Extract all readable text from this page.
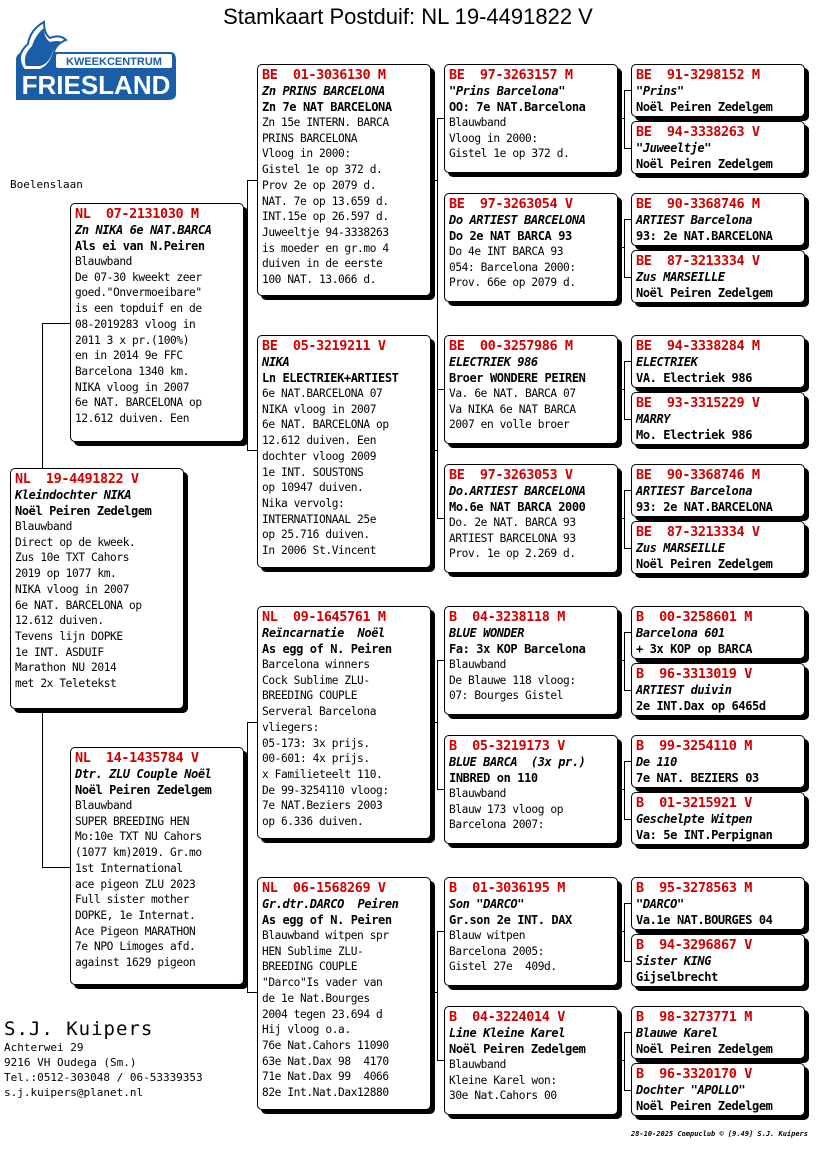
Stamkaart Postduif: NL 19-4491822 V
KWEEKCENTRUM
FRIESLAND
Boelenslaan
NL  19-4491822 V
Kleindochter NIKA
Noël Peiren Zedelgem
Blauwband
Direct op de kweek.
Zus 10e TXT Cahors
2019 op 1077 km.
NIKA vloog in 2007
6e NAT. BARCELONA op
12.612 duiven.
Tevens lijn DOPKE
1e INT. ASDUIF
Marathon NU 2014
met 2x Teletekst
NL  07-2131030 M
Zn NIKA 6e NAT.BARCA
Als ei van N.Peiren
Blauwband
De 07-30 kweekt zeer
goed."Onvermoeibare"
is een topduif en de
08-2019283 vloog in
2011 3 x pr.(100%)
en in 2014 9e FFC
Barcelona 1340 km.
NIKA vloog in 2007
6e NAT. BARCELONA op
12.612 duiven. Een
NL  14-1435784 V
Dtr. ZLU Couple Noël
Noël Peiren Zedelgem
Blauwband
SUPER BREEDING HEN
Mo:10e TXT NU Cahors
(1077 km)2019. Gr.mo
1st International
ace pigeon ZLU 2023
Full sister mother
DOPKE, 1e Internat.
Ace Pigeon MARATHON
7e NPO Limoges afd.
against 1629 pigeon
BE  01-3036130 M
Zn PRINS BARCELONA
Zn 7e NAT BARCELONA
Zn 15e INTERN. BARCA
PRINS BARCELONA
Vloog in 2000:
Gistel 1e op 372 d.
Prov 2e op 2079 d.
NAT. 7e op 13.659 d.
INT.15e op 26.597 d.
Juweeltje 94-3338263
is moeder en gr.mo 4
duiven in de eerste
100 NAT. 13.066 d.
BE  05-3219211 V
NIKA
Ln ELECTRIEK+ARTIEST
6e NAT.BARCELONA 07
NIKA vloog in 2007
6e NAT. BARCELONA op
12.612 duiven. Een
dochter vloog 2009
1e INT. SOUSTONS
op 10947 duiven.
Nika vervolg:
INTERNATIONAAL 25e
op 25.716 duiven.
In 2006 St.Vincent
NL  09-1645761 M
Reïncarnatie  Noël
As egg of N. Peiren
Barcelona winners
Cock Sublime ZLU-
BREEDING COUPLE
Serveral Barcelona
vliegers:
05-173: 3x prijs.
00-601: 4x prijs.
x Familieteelt 110.
De 99-3254110 vloog:
7e NAT.Beziers 2003
op 6.336 duiven.
NL  06-1568269 V
Gr.dtr.DARCO  Peiren
As egg of N. Peiren
Blauwband witpen spr
HEN Sublime ZLU-
BREEDING COUPLE
"Darco"Is vader van
de 1e Nat.Bourges
2004 tegen 23.694 d
Hij vloog o.a.
76e Nat.Cahors 11090
63e Nat.Dax 98  4170
71e Nat.Dax 99  4066
82e Int.Nat.Dax12880
BE  97-3263157 M
"Prins Barcelona"
OO: 7e NAT.Barcelona
Blauwband
Vloog in 2000:
Gistel 1e op 372 d.
BE  97-3263054 V
Do ARTIEST BARCELONA
Do 2e NAT BARCA 93
Do 4e INT BARCA 93
054: Barcelona 2000:
Prov. 66e op 2079 d.
BE  00-3257986 M
ELECTRIEK 986
Broer WONDERE PEIREN
Va. 6e NAT. BARCA 07
Va NIKA 6e NAT BARCA
2007 en volle broer
BE  97-3263053 V
Do.ARTIEST BARCELONA
Mo.6e NAT BARCA 2000
Do. 2e NAT. BARCA 93
ARTIEST BARCELONA 93
Prov. 1e op 2.269 d.
B  04-3238118 M
BLUE WONDER
Fa: 3x KOP Barcelona
Blauwband
De Blauwe 118 vloog:
07: Bourges Gistel
B  05-3219173 V
BLUE BARCA  (3x pr.)
INBRED on 110
Blauwband
Blauw 173 vloog op
Barcelona 2007:
B  01-3036195 M
Son "DARCO"
Gr.son 2e INT. DAX
Blauw witpen
Barcelona 2005:
Gistel 27e  409d.
B  04-3224014 V
Line Kleine Karel
Noël Peiren Zedelgem
Blauwband
Kleine Karel won:
30e Nat.Cahors 00
BE  91-3298152 M
"Prins"
Noël Peiren Zedelgem
BE  94-3338263 V
"Juweeltje"
Noël Peiren Zedelgem
BE  90-3368746 M
ARTIEST Barcelona
93: 2e NAT.BARCELONA
BE  87-3213334 V
Zus MARSEILLE
Noël Peiren Zedelgem
BE  94-3338284 M
ELECTRIEK
VA. Electriek 986
BE  93-3315229 V
MARRY
Mo. Electriek 986
BE  90-3368746 M
ARTIEST Barcelona
93: 2e NAT.BARCELONA
BE  87-3213334 V
Zus MARSEILLE
Noël Peiren Zedelgem
B  00-3258601 M
Barcelona 601
+ 3x KOP op BARCA
B  96-3313019 V
ARTIEST duivin
2e INT.Dax op 6465d
B  99-3254110 M
De 110
7e NAT. BEZIERS 03
B  01-3215921 V
Geschelpte Witpen
Va: 5e INT.Perpignan
B  95-3278563 M
"DARCO"
Va.1e NAT.BOURGES 04
B  94-3296867 V
Sister KING
Gijselbrecht
B  98-3273771 M
Blauwe Karel
Noël Peiren Zedelgem
B  96-3320170 V
Dochter "APOLLO"
Noël Peiren Zedelgem
S.J. Kuipers
Achterwei 29
9216 VH Oudega (Sm.)
Tel.:0512-303048 / 06-53339353
s.j.kuipers@planet.nl
28-10-2025 Compuclub © [9.49] S.J. Kuipers
